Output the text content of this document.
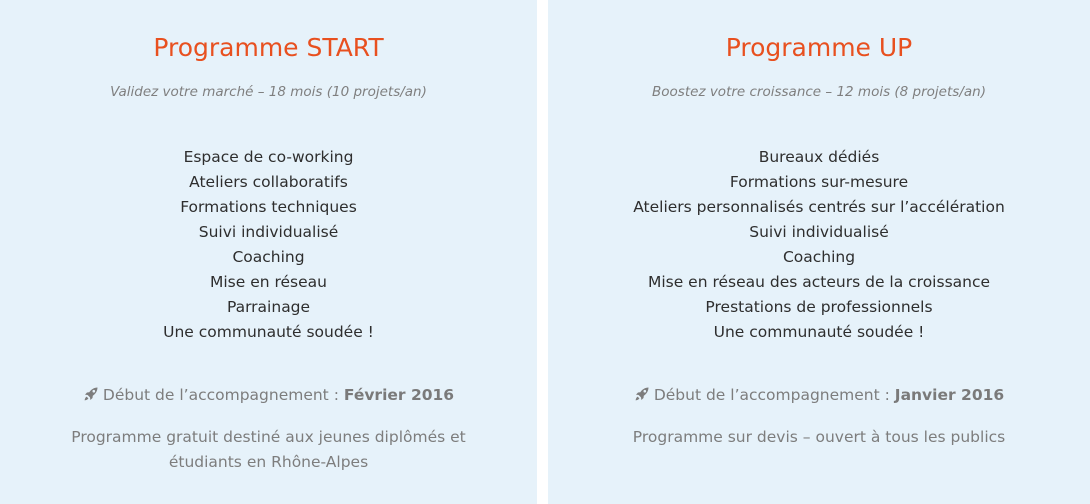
Programme START

Validez votre marché – 18 mois (10 projets/an)

Espace de co-working
Ateliers collaboratifs
Formations techniques
Suivi individualisé
Coaching
Mise en réseau
Parrainage
Une communauté soudée !
Début de l’accompagnement : Février 2016

Programme gratuit destiné aux jeunes diplômés et étudiants en Rhône-Alpes

Programme UP

Boostez votre croissance – 12 mois (8 projets/an)

Bureaux dédiés
Formations sur-mesure
Ateliers personnalisés centrés sur l’accélération
Suivi individualisé
Coaching
Mise en réseau des acteurs de la croissance
Prestations de professionnels
Une communauté soudée !
Début de l’accompagnement : Janvier 2016

Programme sur devis – ouvert à tous les publics
